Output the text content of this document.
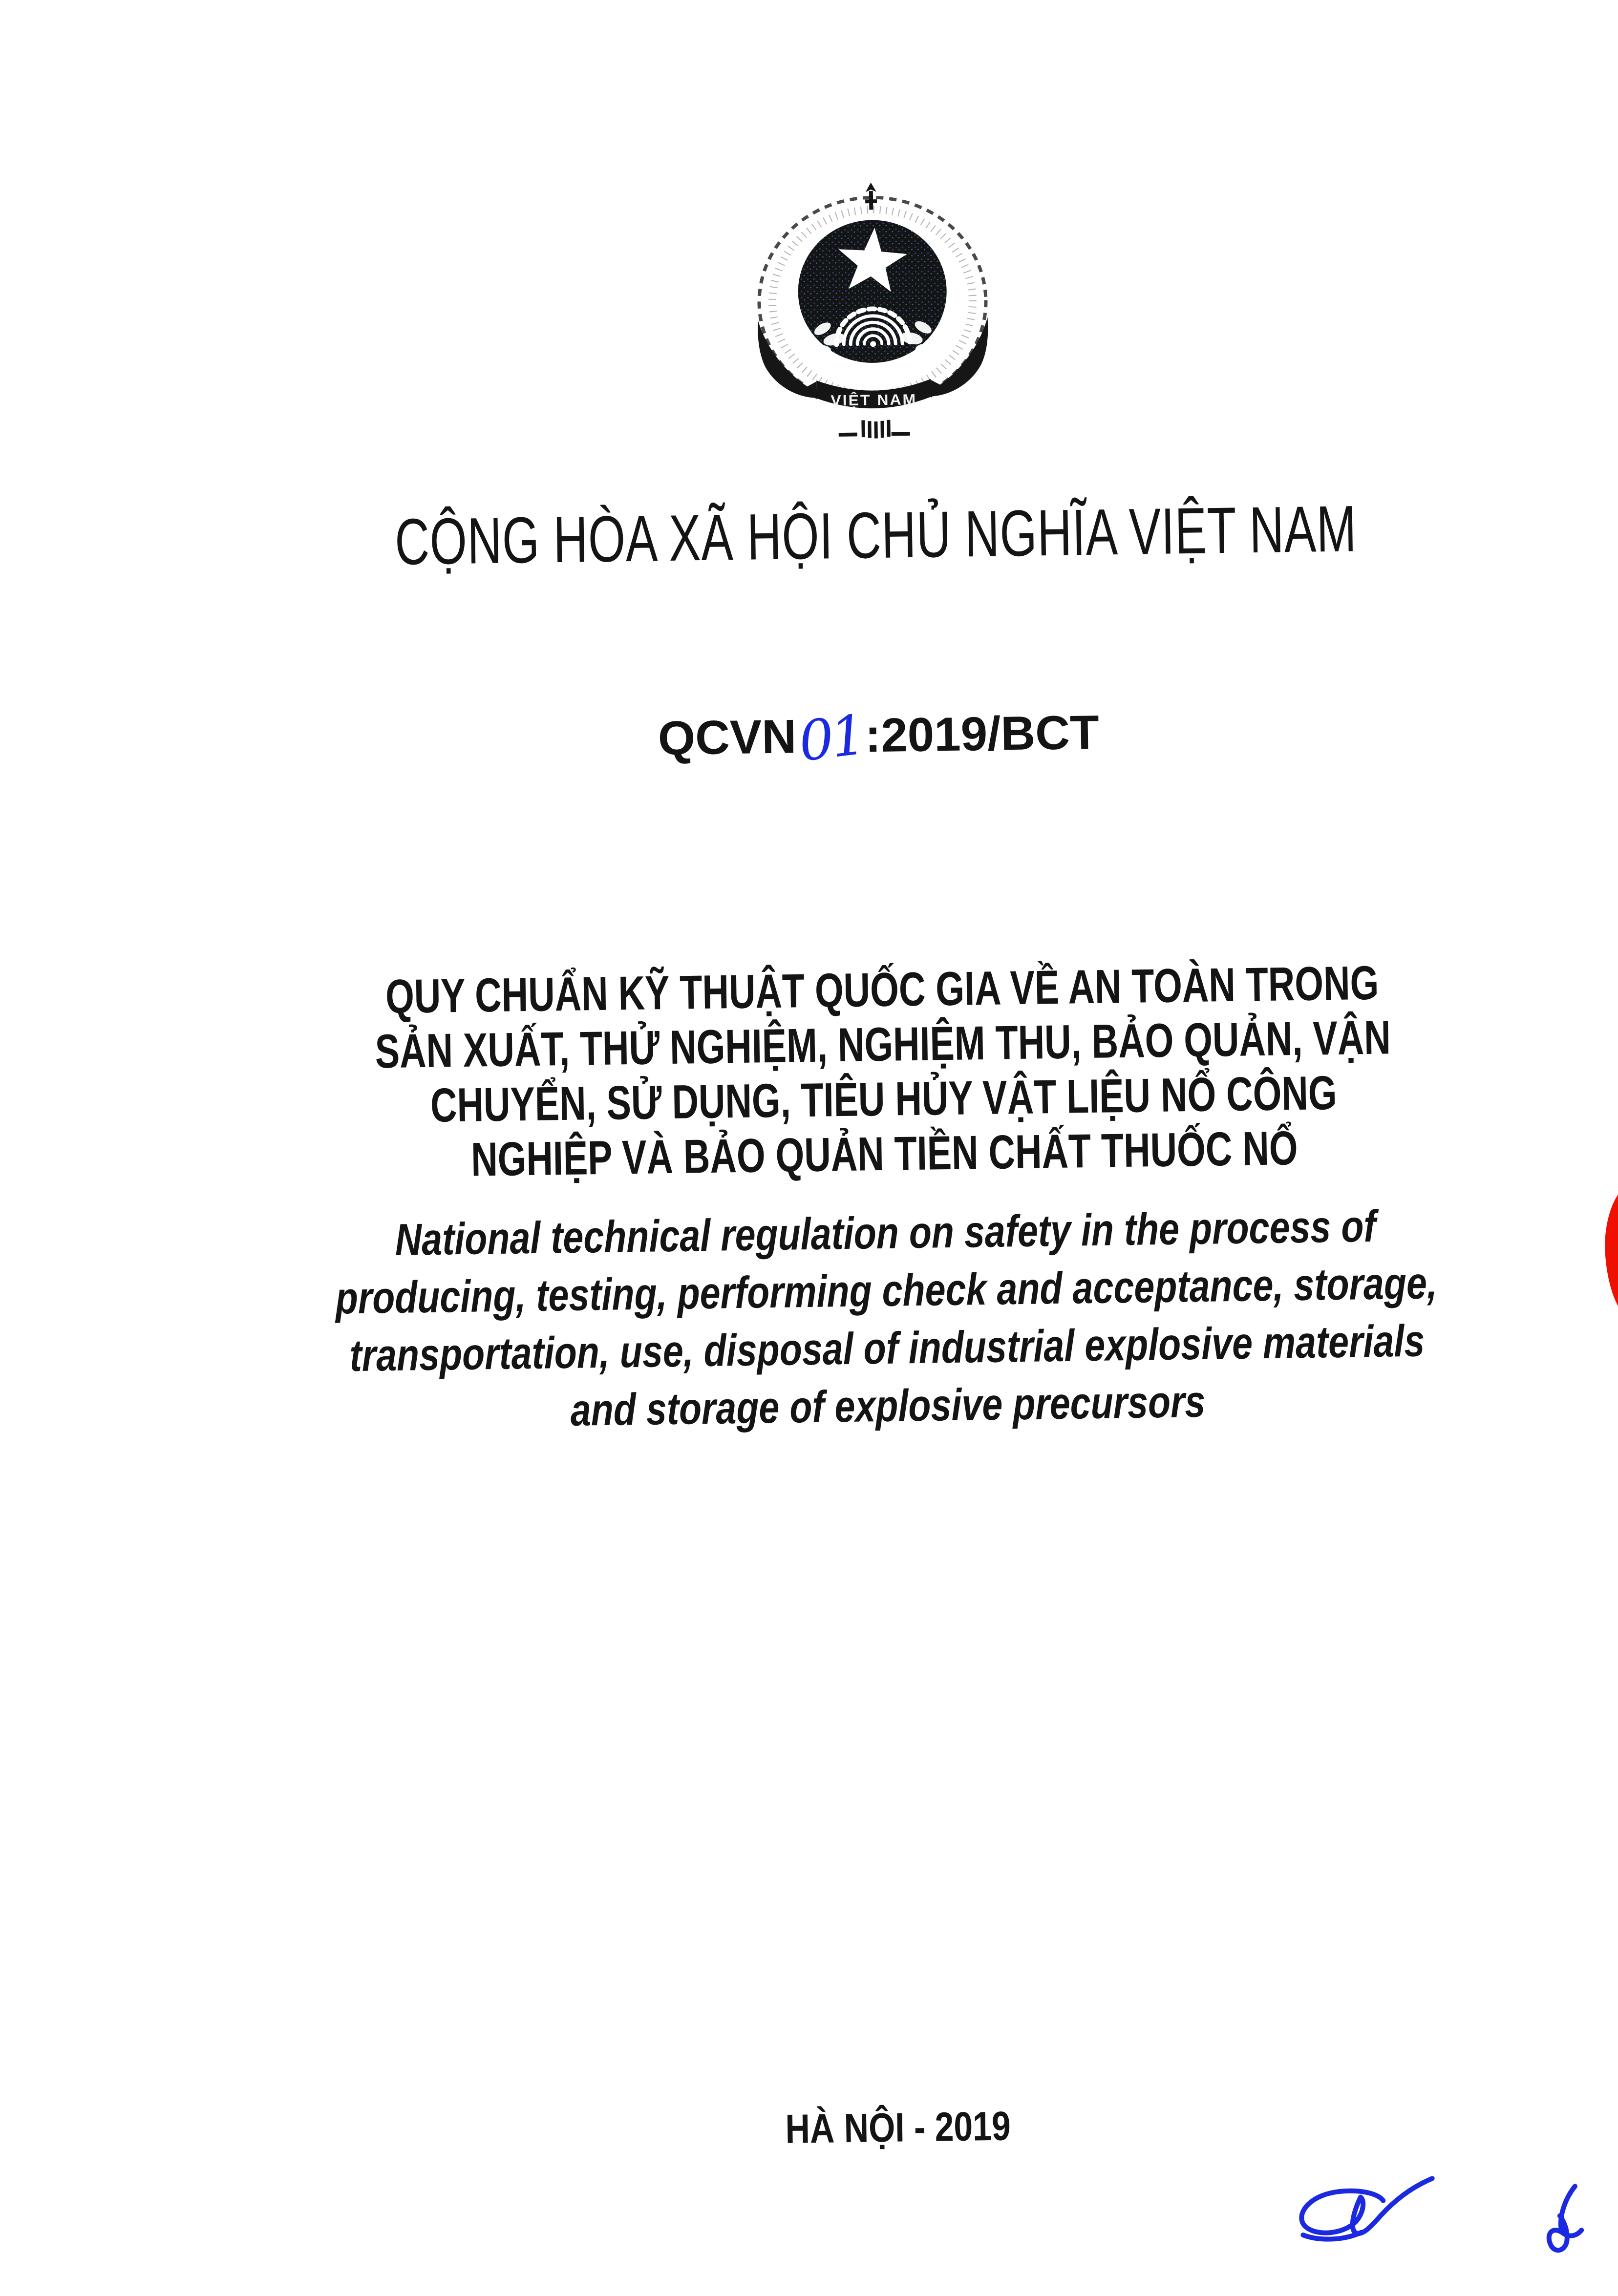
VIỆT NAM
CỘNG HÒA XÃ HỘI CHỦ NGHĨA VIỆT NAM
QCVN01:2019/BCT
QUY CHUẨN KỸ THUẬT QUỐC GIA VỀ AN TOÀN TRONG
SẢN XUẤT, THỬ NGHIỆM, NGHIỆM THU, BẢO QUẢN, VẬN
CHUYỂN, SỬ DỤNG, TIÊU HỦY VẬT LIỆU NỔ CÔNG
NGHIỆP VÀ BẢO QUẢN TIỀN CHẤT THUỐC NỔ
National technical regulation on safety in the process of
producing, testing, performing check and acceptance, storage,
transportation, use, disposal of industrial explosive materials
and storage of explosive precursors
HÀ NỘI - 2019
